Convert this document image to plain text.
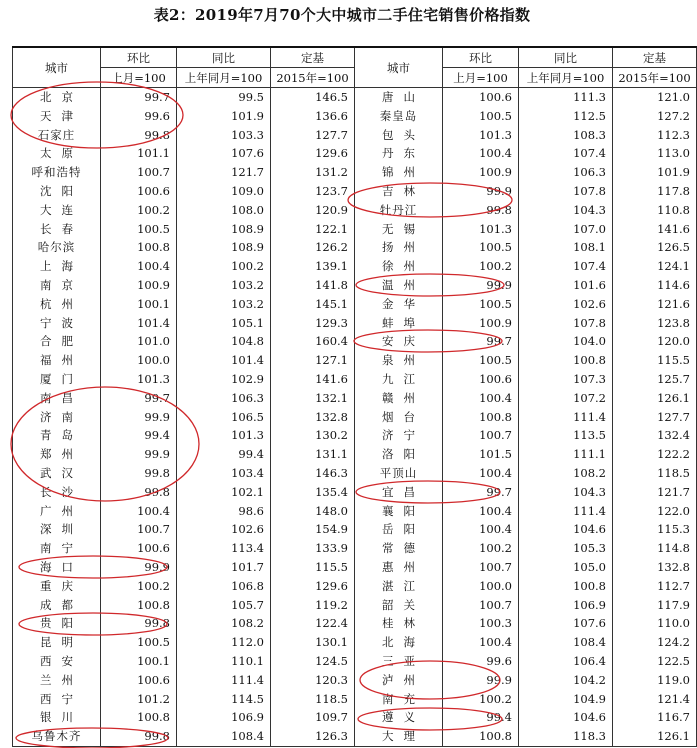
表2：2019年7月70个大中城市二手住宅销售价格指数
城市	环比	同比	定基	城市	环比	同比	定基
	上月=100	上年同月=100	2015年=100		上月=100	上年同月=100	2015年=100
北京	99.7	99.5	146.5	唐山	100.6	111.3	121.0
天津	99.6	101.9	136.6	秦皇岛	100.5	112.5	127.2
石家庄	99.8	103.3	127.7	包头	101.3	108.3	112.3
太原	101.1	107.6	129.6	丹东	100.4	107.4	113.0
呼和浩特	100.7	121.7	131.2	锦州	100.9	106.3	101.9
沈阳	100.6	109.0	123.7	吉林	99.9	107.8	117.8
大连	100.2	108.0	120.9	牡丹江	99.8	104.3	110.8
长春	100.5	108.9	122.1	无锡	101.3	107.0	141.6
哈尔滨	100.8	108.9	126.2	扬州	100.5	108.1	126.5
上海	100.4	100.2	139.1	徐州	100.2	107.4	124.1
南京	100.9	103.2	141.8	温州	99.9	101.6	114.6
杭州	100.1	103.2	145.1	金华	100.5	102.6	121.6
宁波	101.4	105.1	129.3	蚌埠	100.9	107.8	123.8
合肥	101.0	104.8	160.4	安庆	99.7	104.0	120.0
福州	100.0	101.4	127.1	泉州	100.5	100.8	115.5
厦门	101.3	102.9	141.6	九江	100.6	107.3	125.7
南昌	99.7	106.3	132.1	赣州	100.4	107.2	126.1
济南	99.9	106.5	132.8	烟台	100.8	111.4	127.7
青岛	99.4	101.3	130.2	济宁	100.7	113.5	132.4
郑州	99.9	99.4	131.1	洛阳	101.5	111.1	122.2
武汉	99.8	103.4	146.3	平顶山	100.4	108.2	118.5
长沙	99.8	102.1	135.4	宜昌	99.7	104.3	121.7
广州	100.4	98.6	148.0	襄阳	100.4	111.4	122.0
深圳	100.7	102.6	154.9	岳阳	100.4	104.6	115.3
南宁	100.6	113.4	133.9	常德	100.2	105.3	114.8
海口	99.9	101.7	115.5	惠州	100.7	105.0	132.8
重庆	100.2	106.8	129.6	湛江	100.0	100.8	112.7
成都	100.8	105.7	119.2	韶关	100.7	106.9	117.9
贵阳	99.8	108.2	122.4	桂林	100.3	107.6	110.0
昆明	100.5	112.0	130.1	北海	100.4	108.4	124.2
西安	100.1	110.1	124.5	三亚	99.6	106.4	122.5
兰州	100.6	111.4	120.3	泸州	99.9	104.2	119.0
西宁	101.2	114.5	118.5	南充	100.2	104.9	121.4
银川	100.8	106.9	109.7	遵义	99.4	104.6	116.7
乌鲁木齐	99.8	108.4	126.3	大理	100.8	118.3	126.1
